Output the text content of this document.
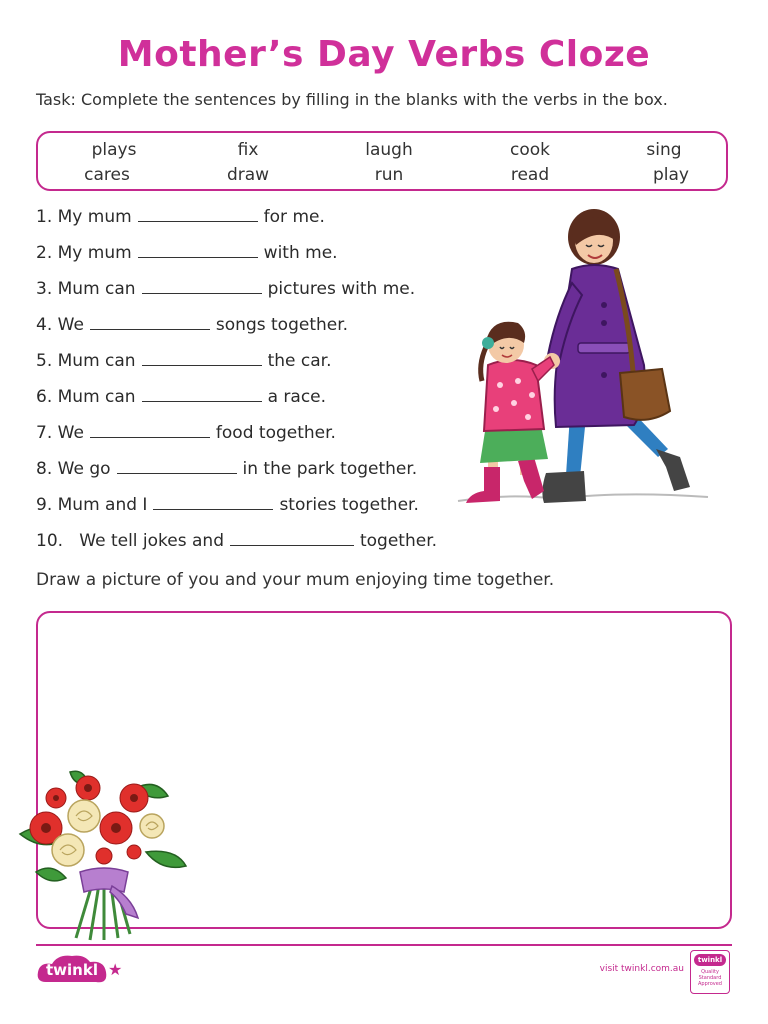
Mother’s Day Verbs Cloze
Task: Complete the sentences by filling in the blanks with the verbs in the box.
plays	fix	laugh	cook	sing
cares	draw	run	read	play
1. My mum	for me.
2. My mum	with me.
3. Mum can	pictures with me.
4. We	songs together.
5. Mum can	the car.
6. Mum can	a race.
7. We	food together.
8. We go	in the park together.
9. Mum and I	stories together.
10. We tell jokes and	together.
Draw a picture of you and your mum enjoying time together.
twinkl ★	visit twinkl.com.au
twinkl
Quality Standard Approved
